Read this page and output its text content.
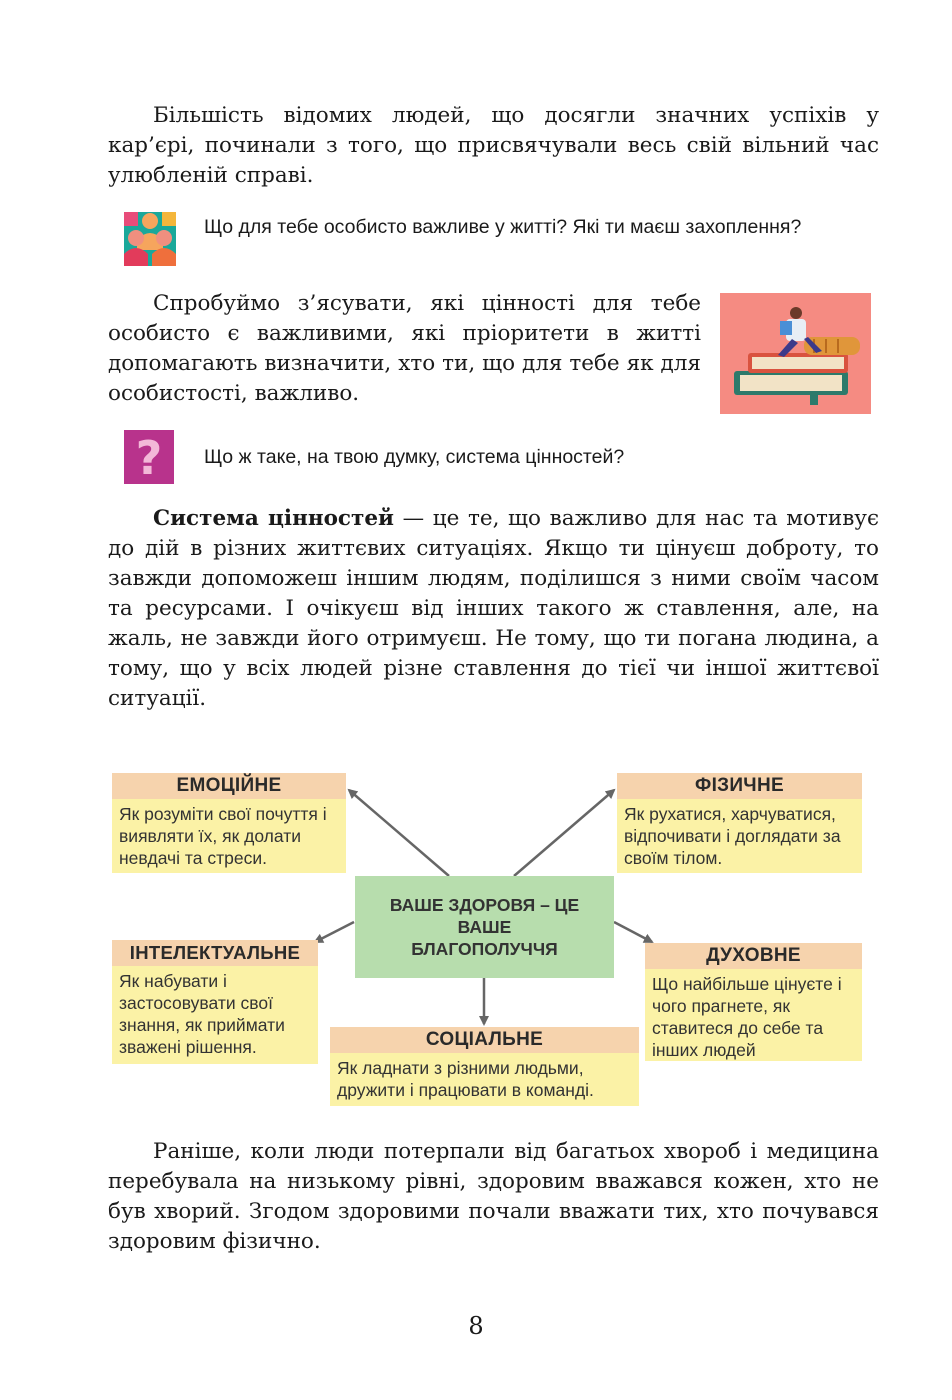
Більшість відомих людей, що досягли значних успіхів у кар’єрі, починали з того, що присвячували весь свій вільний час улюбленій справі.
Що для тебе особисто важливе у житті? Які ти маєш захоплення?
Спробуймо з’ясувати, які цінності для тебе особисто є важливими, які пріоритети в житті допомагають визначити, хто ти, що для тебе як для особистості, важливо.
? Що ж таке, на твою думку, система цінностей?
Система цінностей — це те, що важливо для нас та мотивує до дій в різних життєвих ситуаціях. Якщо ти цінуєш доброту, то завжди допоможеш іншим людям, поділишся з ними своїм часом та ресурсами. І очікуєш від інших такого ж ставлення, але, на жаль, не завжди його отримуєш. Не тому, що ти погана людина, а тому, що у всіх людей різне ставлення до тієї чи іншої життєвої ситуації.
ЕМОЦІЙНЕ
Як розуміти свої почуття і виявляти їх, як долати невдачі та стреси.
ФІЗИЧНЕ
Як рухатися, харчуватися, відпочивати і доглядати за своїм тілом.
ВАШЕ ЗДОРОВЯ – ЦЕ ВАШЕ БЛАГОПОЛУЧЧЯ
ІНТЕЛЕКТУАЛЬНЕ
Як набувати і застосовувати свої знання, як приймати зважені рішення.
ДУХОВНЕ
Що найбільше цінуєте і чого прагнете, як ставитеся до себе та інших людей
СОЦІАЛЬНЕ
Як ладнати з різними людьми, дружити і працювати в команді.
Раніше, коли люди потерпали від багатьох хвороб і медицина перебувала на низькому рівні, здоровим вважався кожен, хто не був хворий. Згодом здоровими почали вважати тих, хто почувався здоровим фізично.
8
